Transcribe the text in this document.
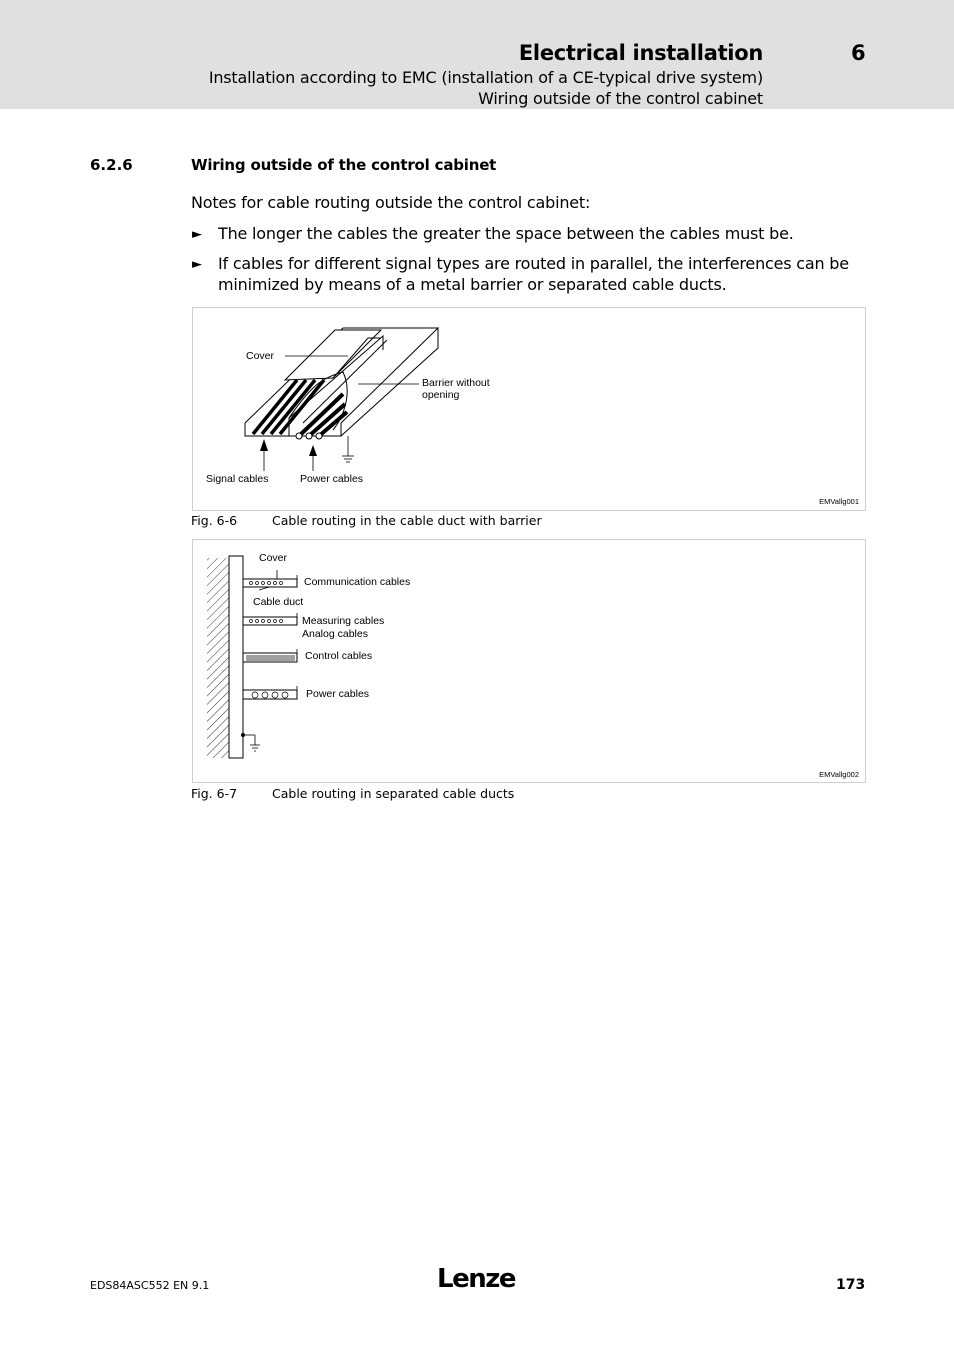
Electrical installation	6
Installation according to EMC (installation of a CE-typical drive system)
Wiring outside of the control cabinet
6.2.6	Wiring outside of the control cabinet
Notes for cable routing outside the control cabinet:
► The longer the cables the greater the space between the cables must be.
► If cables for different signal types are routed in parallel, the interferences can be minimized by means of a metal barrier or separated cable ducts.
Cover
Barrier without opening
Signal cables	Power cables
EMVallg001
Fig. 6-6	Cable routing in the cable duct with barrier
Cover
Communication cables
Cable duct
Measuring cables
Analog cables
Control cables
Power cables
EMVallg002
Fig. 6-7	Cable routing in separated cable ducts
EDS84ASC552 EN 9.1	Lenze	173
